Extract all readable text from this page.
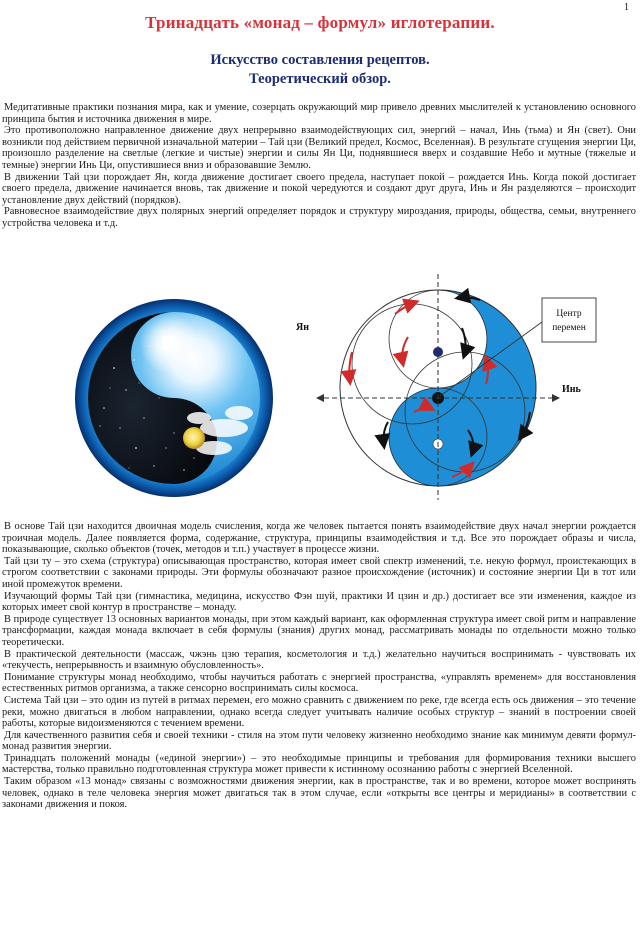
1
Тринадцать «монад – формул» иглотерапии.
Искусство составления рецептов.
Теоретический обзор.

Медитативные практики познания мира, как и умение, созерцать окружающий мир привело древних мыслителей к установлению основного принципа бытия и источника движения в мире.

Это противоположно направленное движение двух непрерывно взаимодействующих сил, энергий – начал, Инь (тьма) и Ян (свет). Они возникли под действием первичной изначальной материи – Тай цзи (Великий предел, Космос, Вселенная). В результате сгущения энергии Ци, произошло разделение на светлые (легкие и чистые) энергии и силы Ян Ци, поднявшиеся вверх и создавшие Небо и мутные (тяжелые и темные) энергии Инь Ци, опустившиеся вниз и образовавшие Землю.

В движении Тай цзи порождает Ян, когда движение достигает своего предела, наступает покой – рождается Инь. Когда покой достигает своего предела, движение начинается вновь, так движение и покой чередуются и создают друг друга, Инь и Ян разделяются – происходит установление двух действий (порядков).

Равновесное взаимодействие двух полярных энергий определяет порядок и структуру мироздания, природы, общества, семьи, внутреннего устройства человека и т.д.

Центр
перемен
Ян
Инь

В основе Тай цзи находится двоичная модель счисления, когда же человек пытается понять взаимодействие двух начал энергии рождается троичная модель. Далее появляется форма, содержание, структура, принципы взаимодействия и т.д. Все это порождает образы и числа, показывающие, сколько объектов (точек, методов и т.п.) участвует в процессе жизни.

Тай цзи ту – это схема (структура) описывающая пространство, которая имеет свой спектр изменений, т.е. некую формул, проистекающих в строгом соответствии с законами природы. Эти формулы обозначают разное происхождение (источник) и состояние энергии Ци в тот или иной промежуток времени.

Изучающий формы Тай цзи (гимнастика, медицина, искусство Фэн шуй, практики И цзин и др.) достигает все эти изменения, каждое из которых имеет свой контур в пространстве – монаду.

В природе существует 13 основных вариантов монады, при этом каждый вариант, как оформленная структура имеет свой ритм и направление трансформации, каждая монада включает в себя формулы (знания) других монад, рассматривать монады по отдельности можно только теоретически.

В практической деятельности (массаж, чжэнь цзю терапия, косметология и т.д.) желательно научиться воспринимать - чувствовать их «текучесть, непрерывность и взаимную обусловленность».

Понимание структуры монад необходимо, чтобы научиться работать с энергией пространства, «управлять временем» для восстановления естественных ритмов организма, а также сенсорно воспринимать силы космоса.

Система Тай цзи – это один из путей в ритмах перемен, его можно сравнить с движением по реке, где всегда есть ось движения – это течение реки, можно двигаться в любом направлении, однако всегда следует учитывать наличие особых структур – знаний в построении своей работы, которые видоизменяются с течением времени.

Для качественного развития себя и своей техники - стиля на этом пути человеку жизненно необходимо знание как минимум девяти формул-монад развития энергии.

Тринадцать положений монады («единой энергии») – это необходимые принципы и требования для формирования техники высшего мастерства, только правильно подготовленная структура может привести к истинному осознанию работы с энергией Вселенной.

Таким образом «13 монад» связаны с возможностями движения энергии, как в пространстве, так и во времени, которое может воспринять человек, однако в теле человека энергия может двигаться так в этом случае, если «открыты все центры и меридианы» в соответствии с законами движения и покоя.
